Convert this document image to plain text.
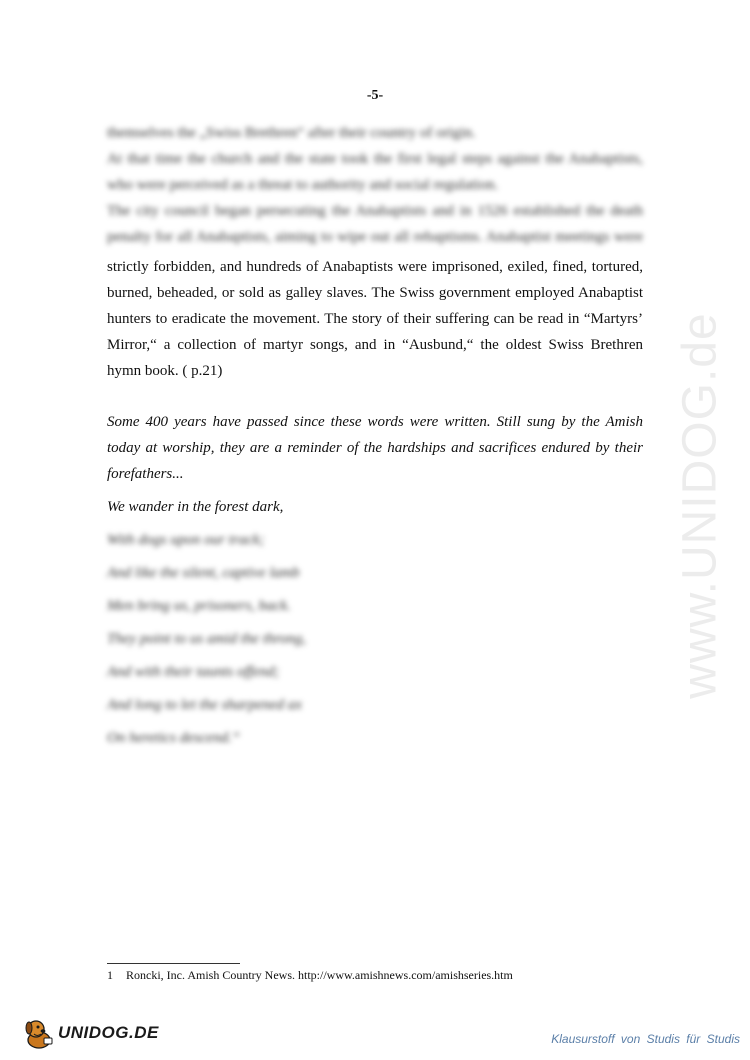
-5-
themselves the „Swiss Brethren“ after their country of origin.
At that time the church and the state took the first legal steps against the Anabaptists,
who were perceived as a threat to authority and social regulation.
The city council began persecuting the Anabaptists and in 1526 established the death
penalty for all Anabaptists, aiming to wipe out all rebaptisms. Anabaptist meetings were
strictly forbidden, and hundreds of Anabaptists were imprisoned, exiled, fined, tortured,
burned, beheaded, or sold as galley slaves. The Swiss government employed Anabaptist
hunters to eradicate the movement. The story of their suffering can be read in “Martyrs’
Mirror,“ a collection of martyr songs, and in “Ausbund,“ the oldest Swiss Brethren
hymn book. ( p.21)
Some 400 years have passed since these words were written. Still sung by the Amish
today at worship, they are a reminder of the hardships and sacrifices endured by their
forefathers...
We wander in the forest dark,
With dogs upon our track;
And like the silent, captive lamb
Men bring us, prisoners, back.
They point to us amid the throng,
And with their taunts offend;
And long to let the sharpened ax
On heretics descend.“
www.UNIDOG.de
1 Roncki, Inc. Amish Country News. http://www.amishnews.com/amishseries.htm
UNIDOG.DE	Klausurstoff von Studis für Studis
